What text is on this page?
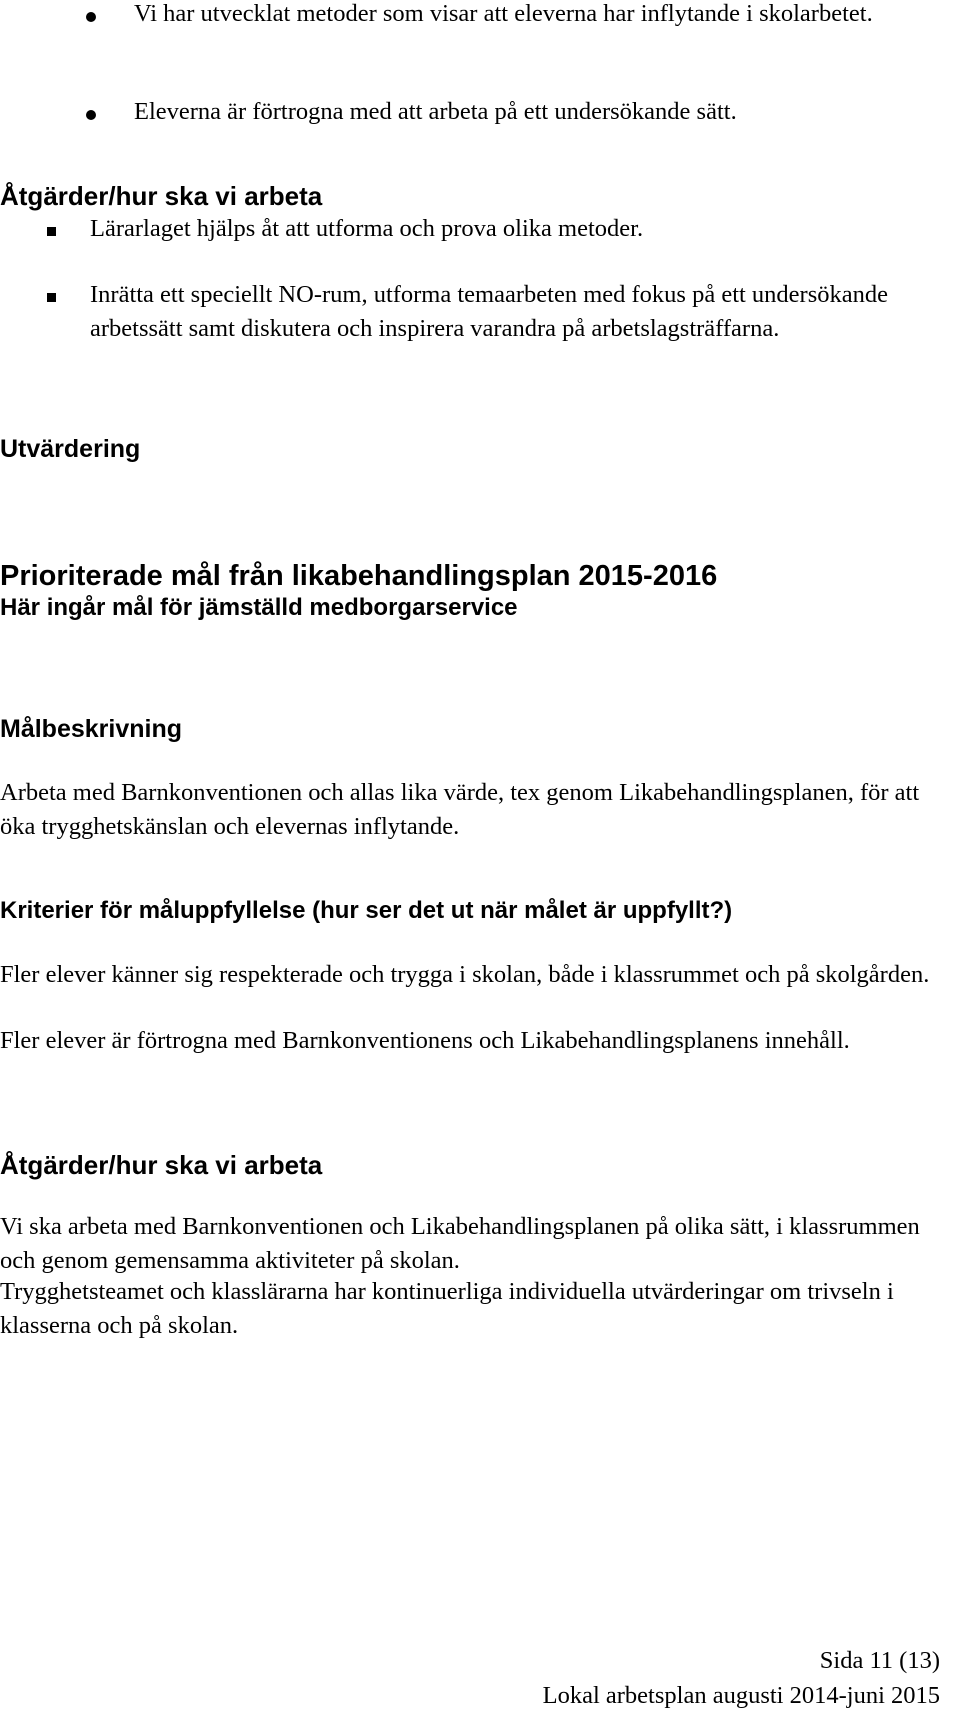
Vi har utvecklat metoder som visar att eleverna har inflytande i skolarbetet.

Eleverna är förtrogna med att arbeta på ett undersökande sätt.

Åtgärder/hur ska vi arbeta

Lärarlaget hjälps åt att utforma och prova olika metoder.

Inrätta ett speciellt NO-rum, utforma temaarbeten med fokus på ett undersökande arbetssätt samt diskutera och inspirera varandra på arbetslagsträffarna.

Utvärdering
Prioriterade mål från likabehandlingsplan 2015-2016
Här ingår mål för jämställd medborgarservice
Målbeskrivning

Arbeta med Barnkonventionen och allas lika värde, tex genom Likabehandlingsplanen, för att öka trygghetskänslan och elevernas inflytande.

Kriterier för måluppfyllelse (hur ser det ut när målet är uppfyllt?)

Fler elever känner sig respekterade och trygga i skolan, både i klassrummet och på skolgården.

Fler elever är förtrogna med Barnkonventionens och Likabehandlingsplanens innehåll.

Åtgärder/hur ska vi arbeta

Vi ska arbeta med Barnkonventionen och Likabehandlingsplanen på olika sätt, i klassrummen och genom gemensamma aktiviteter på skolan.

Trygghetsteamet och klasslärarna har kontinuerliga individuella utvärderingar om trivseln i klasserna och på skolan.

Sida 11 (13)

Lokal arbetsplan augusti 2014-juni 2015
